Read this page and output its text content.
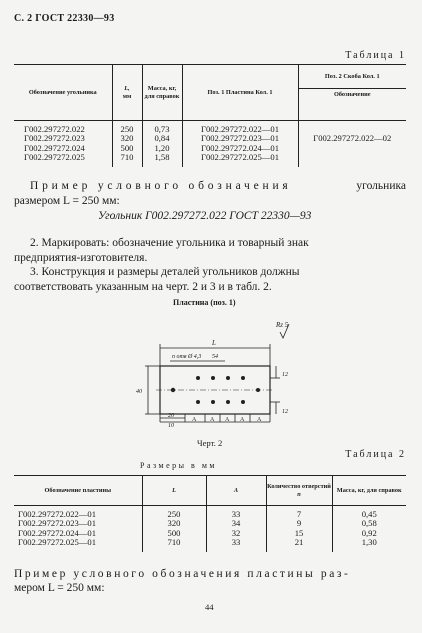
С. 2 ГОСТ 22330—93
Таблица 1
Обозначение угольника	L,
мм	Масса, кг, для справок	Поз. 1 Пластина Кол. 1	Поз. 2 Скоба Кол. 1
				Обозначение

Г002.297272.022	250	0,73	Г002.297272.022—01	
Г002.297272.023	320	0,84	Г002.297272.023—01	Г002.297272.022—02
Г002.297272.024	500	1,20	Г002.297272.024—01	
Г002.297272.025	710	1,58	Г002.297272.025—01	

Пример условного обозначения	угольника
размером L = 250 мм:
Угольник Г002.297272.022 ГОСТ 22330—93
2. Маркировать: обозначение угольника и товарный знак
предприятия-изготовителя.
3. Конструкция и размеры деталей угольников должны
соответствовать указанным на черт. 2 и 3 и в табл. 2.
Пластина (поз. 1)
Rz 5
L
n отв Ø 4,3 54
12
12
40
20
10
A A A A A
Черт. 2
Таблица 2
Размеры в мм
Обозначение пластины	L	A	Количество отверстий
n	Масса, кг, для справок

Г002.297272.022—01	250	33	7	0,45
Г002.297272.023—01	320	34	9	0,58
Г002.297272.024—01	500	32	15	0,92
Г002.297272.025—01	710	33	21	1,30

Пример условного обозначения пластины раз-
мером L = 250 мм:
44
